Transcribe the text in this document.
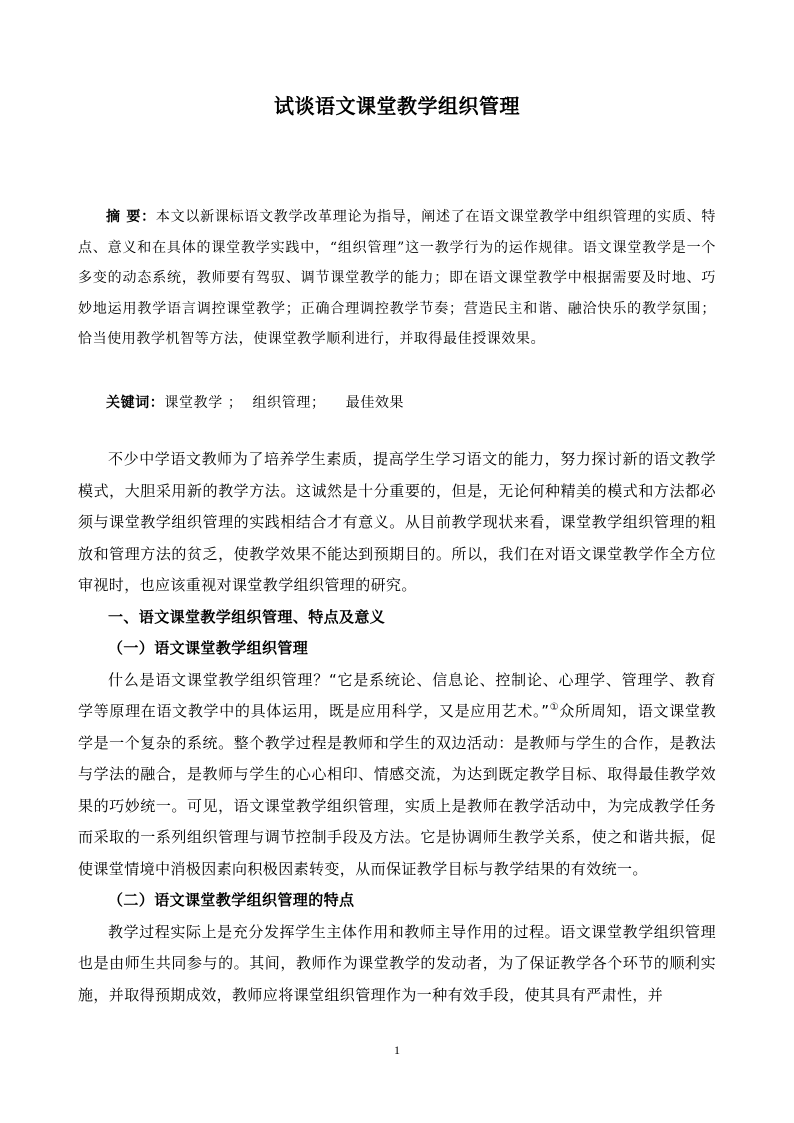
试谈语文课堂教学组织管理
摘 要：本文以新课标语文教学改革理论为指导，阐述了在语文课堂教学中组织管理的实质、特点、意义和在具体的课堂教学实践中，“组织管理”这一教学行为的运作规律。语文课堂教学是一个多变的动态系统，教师要有驾驭、调节课堂教学的能力；即在语文课堂教学中根据需要及时地、巧妙地运用教学语言调控课堂教学；正确合理调控教学节奏；营造民主和谐、融洽快乐的教学氛围；恰当使用教学机智等方法，使课堂教学顺利进行，并取得最佳授课效果。
关键词：课堂教学 ；  组织管理；    最佳效果

不少中学语文教师为了培养学生素质，提高学生学习语文的能力，努力探讨新的语文教学模式，大胆采用新的教学方法。这诚然是十分重要的，但是，无论何种精美的模式和方法都必须与课堂教学组织管理的实践相结合才有意义。从目前教学现状来看，课堂教学组织管理的粗放和管理方法的贫乏，使教学效果不能达到预期目的。所以，我们在对语文课堂教学作全方位审视时，也应该重视对课堂教学组织管理的研究。

一、语文课堂教学组织管理、特点及意义

（一）语文课堂教学组织管理

什么是语文课堂教学组织管理？“它是系统论、信息论、控制论、心理学、管理学、教育学等原理在语文教学中的具体运用，既是应用科学，又是应用艺术。”①众所周知，语文课堂教学是一个复杂的系统。整个教学过程是教师和学生的双边活动：是教师与学生的合作，是教法与学法的融合，是教师与学生的心心相印、情感交流，为达到既定教学目标、取得最佳教学效果的巧妙统一。可见，语文课堂教学组织管理，实质上是教师在教学活动中，为完成教学任务而采取的一系列组织管理与调节控制手段及方法。它是协调师生教学关系，使之和谐共振，促使课堂情境中消极因素向积极因素转变，从而保证教学目标与教学结果的有效统一。

（二）语文课堂教学组织管理的特点

教学过程实际上是充分发挥学生主体作用和教师主导作用的过程。语文课堂教学组织管理也是由师生共同参与的。其间，教师作为课堂教学的发动者，为了保证教学各个环节的顺利实施，并取得预期成效，教师应将课堂组织管理作为一种有效手段，使其具有严肃性，并

1
